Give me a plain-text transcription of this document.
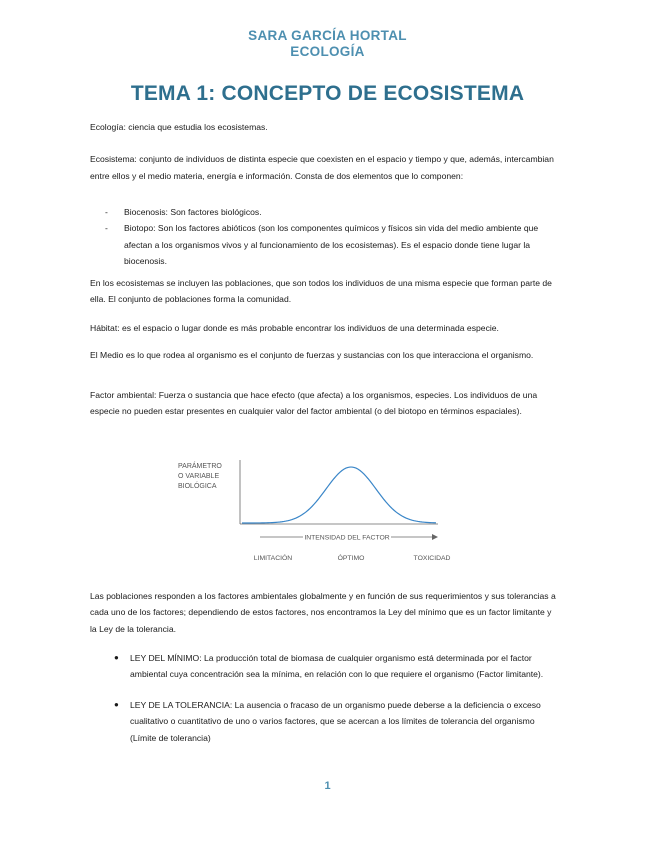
SARA GARCÍA HORTAL
ECOLOGÍA
TEMA 1: CONCEPTO DE ECOSISTEMA

Ecología: ciencia que estudia los ecosistemas.

Ecosistema: conjunto de individuos de distinta especie que coexisten en el espacio y tiempo y que, además, intercambian entre ellos y el medio materia, energía e información. Consta de dos elementos que lo componen:

- Biocenosis: Son factores biológicos.
- Biotopo: Son los factores abióticos (son los componentes químicos y físicos sin vida del medio ambiente que afectan a los organismos vivos y al funcionamiento de los ecosistemas). Es el espacio donde tiene lugar la biocenosis.

En los ecosistemas se incluyen las poblaciones, que son todos los individuos de una misma especie que forman parte de ella. El conjunto de poblaciones forma la comunidad.

Hábitat: es el espacio o lugar donde es más probable encontrar los individuos de una determinada especie.

El Medio es lo que rodea al organismo es el conjunto de fuerzas y sustancias con los que interacciona el organismo.

Factor ambiental: Fuerza o sustancia que hace efecto (que afecta) a los organismos, especies. Los individuos de una especie no pueden estar presentes en cualquier valor del factor ambiental (o del biotopo en términos espaciales).

PARÁMETRO
O VARIABLE
BIOLÓGICA
INTENSIDAD DEL FACTOR
LIMITACIÓN	ÓPTIMO	TOXICIDAD

Las poblaciones responden a los factores ambientales globalmente y en función de sus requerimientos y sus tolerancias a cada uno de los factores; dependiendo de estos factores, nos encontramos la Ley del mínimo que es un factor limitante y la Ley de la tolerancia.

● LEY DEL MÍNIMO: La producción total de biomasa de cualquier organismo está determinada por el factor ambiental cuya concentración sea la mínima, en relación con lo que requiere el organismo (Factor limitante).
● LEY DE LA TOLERANCIA: La ausencia o fracaso de un organismo puede deberse a la deficiencia o exceso cualitativo o cuantitativo de uno o varios factores, que se acercan a los límites de tolerancia del organismo (Límite de tolerancia)
1
